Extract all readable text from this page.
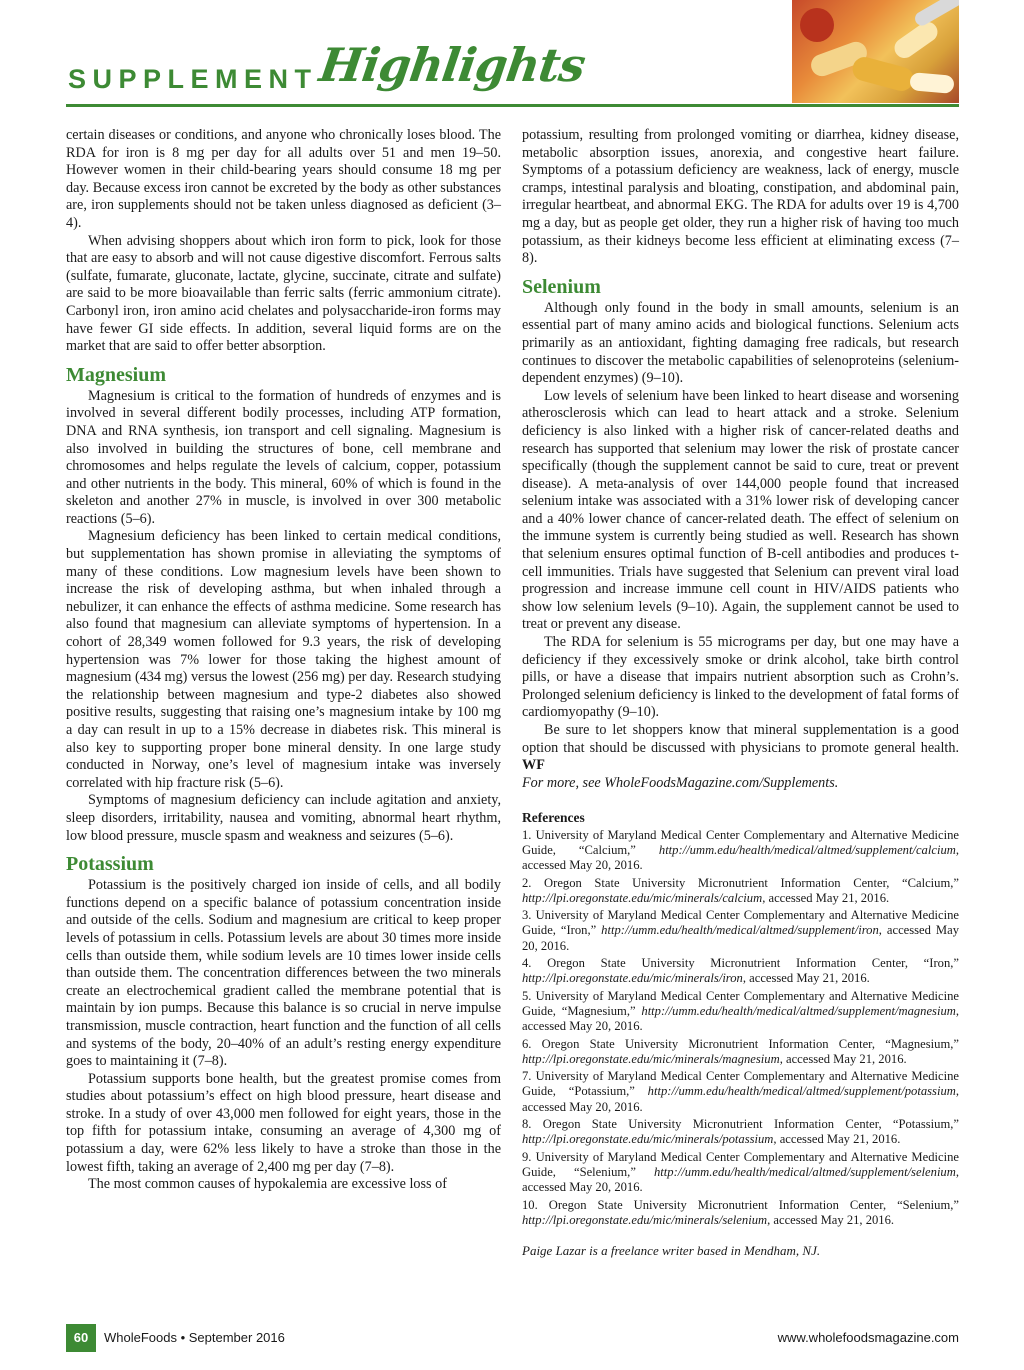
SUPPLEMENT
Highlights

certain diseases or conditions, and anyone who chronically loses blood. The RDA for iron is 8 mg per day for all adults over 51 and men 19–50. However women in their child-bearing years should consume 18 mg per day. Because excess iron cannot be excreted by the body as other substances are, iron supplements should not be taken unless diagnosed as deficient (3–4).

When advising shoppers about which iron form to pick, look for those that are easy to absorb and will not cause digestive discomfort. Ferrous salts (sulfate, fumarate, gluconate, lactate, glycine, succinate, citrate and sulfate) are said to be more bioavailable than ferric salts (ferric ammonium citrate). Carbonyl iron, iron amino acid chelates and polysaccharide-iron forms may have fewer GI side effects. In addition, several liquid forms are on the market that are said to offer better absorption.

Magnesium

Magnesium is critical to the formation of hundreds of enzymes and is involved in several different bodily processes, including ATP formation, DNA and RNA synthesis, ion transport and cell signaling. Magnesium is also involved in building the structures of bone, cell membrane and chromosomes and helps regulate the levels of calcium, copper, potassium and other nutrients in the body. This mineral, 60% of which is found in the skeleton and another 27% in muscle, is involved in over 300 metabolic reactions (5–6).

Magnesium deficiency has been linked to certain medical conditions, but supplementation has shown promise in alleviating the symptoms of many of these conditions. Low magnesium levels have been shown to increase the risk of developing asthma, but when inhaled through a nebulizer, it can enhance the effects of asthma medicine. Some research has also found that magnesium can alleviate symptoms of hypertension. In a cohort of 28,349 women followed for 9.3 years, the risk of developing hypertension was 7% lower for those taking the highest amount of magnesium (434 mg) versus the lowest (256 mg) per day. Research studying the relationship between magnesium and type-2 diabetes also showed positive results, suggesting that raising one’s magnesium intake by 100 mg a day can result in up to a 15% decrease in diabetes risk. This mineral is also key to supporting proper bone mineral density. In one large study conducted in Norway, one’s level of magnesium intake was inversely correlated with hip fracture risk (5–6).

Symptoms of magnesium deficiency can include agitation and anxiety, sleep disorders, irritability, nausea and vomiting, abnormal heart rhythm, low blood pressure, muscle spasm and weakness and seizures (5–6).

Potassium

Potassium is the positively charged ion inside of cells, and all bodily functions depend on a specific balance of potassium concentration inside and outside of the cells. Sodium and magnesium are critical to keep proper levels of potassium in cells. Potassium levels are about 30 times more inside cells than outside them, while sodium levels are 10 times lower inside cells than outside them. The concentration differences between the two minerals create an electrochemical gradient called the membrane potential that is maintain by ion pumps. Because this balance is so crucial in nerve impulse transmission, muscle contraction, heart function and the function of all cells and systems of the body, 20–40% of an adult’s resting energy expenditure goes to maintaining it (7–8).

Potassium supports bone health, but the greatest promise comes from studies about potassium’s effect on high blood pressure, heart disease and stroke. In a study of over 43,000 men followed for eight years, those in the top fifth for potassium intake, consuming an average of 4,300 mg of potassium a day, were 62% less likely to have a stroke than those in the lowest fifth, taking an average of 2,400 mg per day (7–8).

The most common causes of hypokalemia are excessive loss of

potassium, resulting from prolonged vomiting or diarrhea, kidney disease, metabolic absorption issues, anorexia, and congestive heart failure. Symptoms of a potassium deficiency are weakness, lack of energy, muscle cramps, intestinal paralysis and bloating, constipation, and abdominal pain, irregular heartbeat, and abnormal EKG. The RDA for adults over 19 is 4,700 mg a day, but as people get older, they run a higher risk of having too much potassium, as their kidneys become less efficient at eliminating excess (7–8).

Selenium

Although only found in the body in small amounts, selenium is an essential part of many amino acids and biological functions. Selenium acts primarily as an antioxidant, fighting damaging free radicals, but research continues to discover the metabolic capabilities of selenoproteins (selenium-dependent enzymes) (9–10).

Low levels of selenium have been linked to heart disease and worsening atherosclerosis which can lead to heart attack and a stroke. Selenium deficiency is also linked with a higher risk of cancer-related deaths and research has supported that selenium may lower the risk of prostate cancer specifically (though the supplement cannot be said to cure, treat or prevent disease). A meta-analysis of over 144,000 people found that increased selenium intake was associated with a 31% lower risk of developing cancer and a 40% lower chance of cancer-related death. The effect of selenium on the immune system is currently being studied as well. Research has shown that selenium ensures optimal function of B-cell antibodies and produces t-cell immunities. Trials have suggested that Selenium can prevent viral load progression and increase immune cell count in HIV/AIDS patients who show low selenium levels (9–10). Again, the supplement cannot be used to treat or prevent any disease.

The RDA for selenium is 55 micrograms per day, but one may have a deficiency if they excessively smoke or drink alcohol, take birth control pills, or have a disease that impairs nutrient absorption such as Crohn’s. Prolonged selenium deficiency is linked to the development of fatal forms of cardiomyopathy (9–10).

Be sure to let shoppers know that mineral supplementation is a good option that should be discussed with physicians to promote general health. WF

For more, see WholeFoodsMagazine.com/Supplements.

References
1. University of Maryland Medical Center Complementary and Alternative Medicine Guide, “Calcium,” http://umm.edu/health/medical/altmed/supplement/calcium, accessed May 20, 2016.
2. Oregon State University Micronutrient Information Center, “Calcium,” http://lpi.oregonstate.edu/mic/minerals/calcium, accessed May 21, 2016.
3. University of Maryland Medical Center Complementary and Alternative Medicine Guide, “Iron,” http://umm.edu/health/medical/altmed/supplement/iron, accessed May 20, 2016.
4. Oregon State University Micronutrient Information Center, “Iron,” http://lpi.oregonstate.edu/mic/minerals/iron, accessed May 21, 2016.
5. University of Maryland Medical Center Complementary and Alternative Medicine Guide, “Magnesium,” http://umm.edu/health/medical/altmed/supplement/magnesium, accessed May 20, 2016.
6. Oregon State University Micronutrient Information Center, “Magnesium,” http://lpi.oregonstate.edu/mic/minerals/magnesium, accessed May 21, 2016.
7. University of Maryland Medical Center Complementary and Alternative Medicine Guide, “Potassium,” http://umm.edu/health/medical/altmed/supplement/potassium, accessed May 20, 2016.
8. Oregon State University Micronutrient Information Center, “Potassium,” http://lpi.oregonstate.edu/mic/minerals/potassium, accessed May 21, 2016.
9. University of Maryland Medical Center Complementary and Alternative Medicine Guide, “Selenium,” http://umm.edu/health/medical/altmed/supplement/selenium, accessed May 20, 2016.
10. Oregon State University Micronutrient Information Center, “Selenium,” http://lpi.oregonstate.edu/mic/minerals/selenium, accessed May 21, 2016.
Paige Lazar is a freelance writer based in Mendham, NJ.
60	WholeFoods • September 2016	www.wholefoodsmagazine.com
